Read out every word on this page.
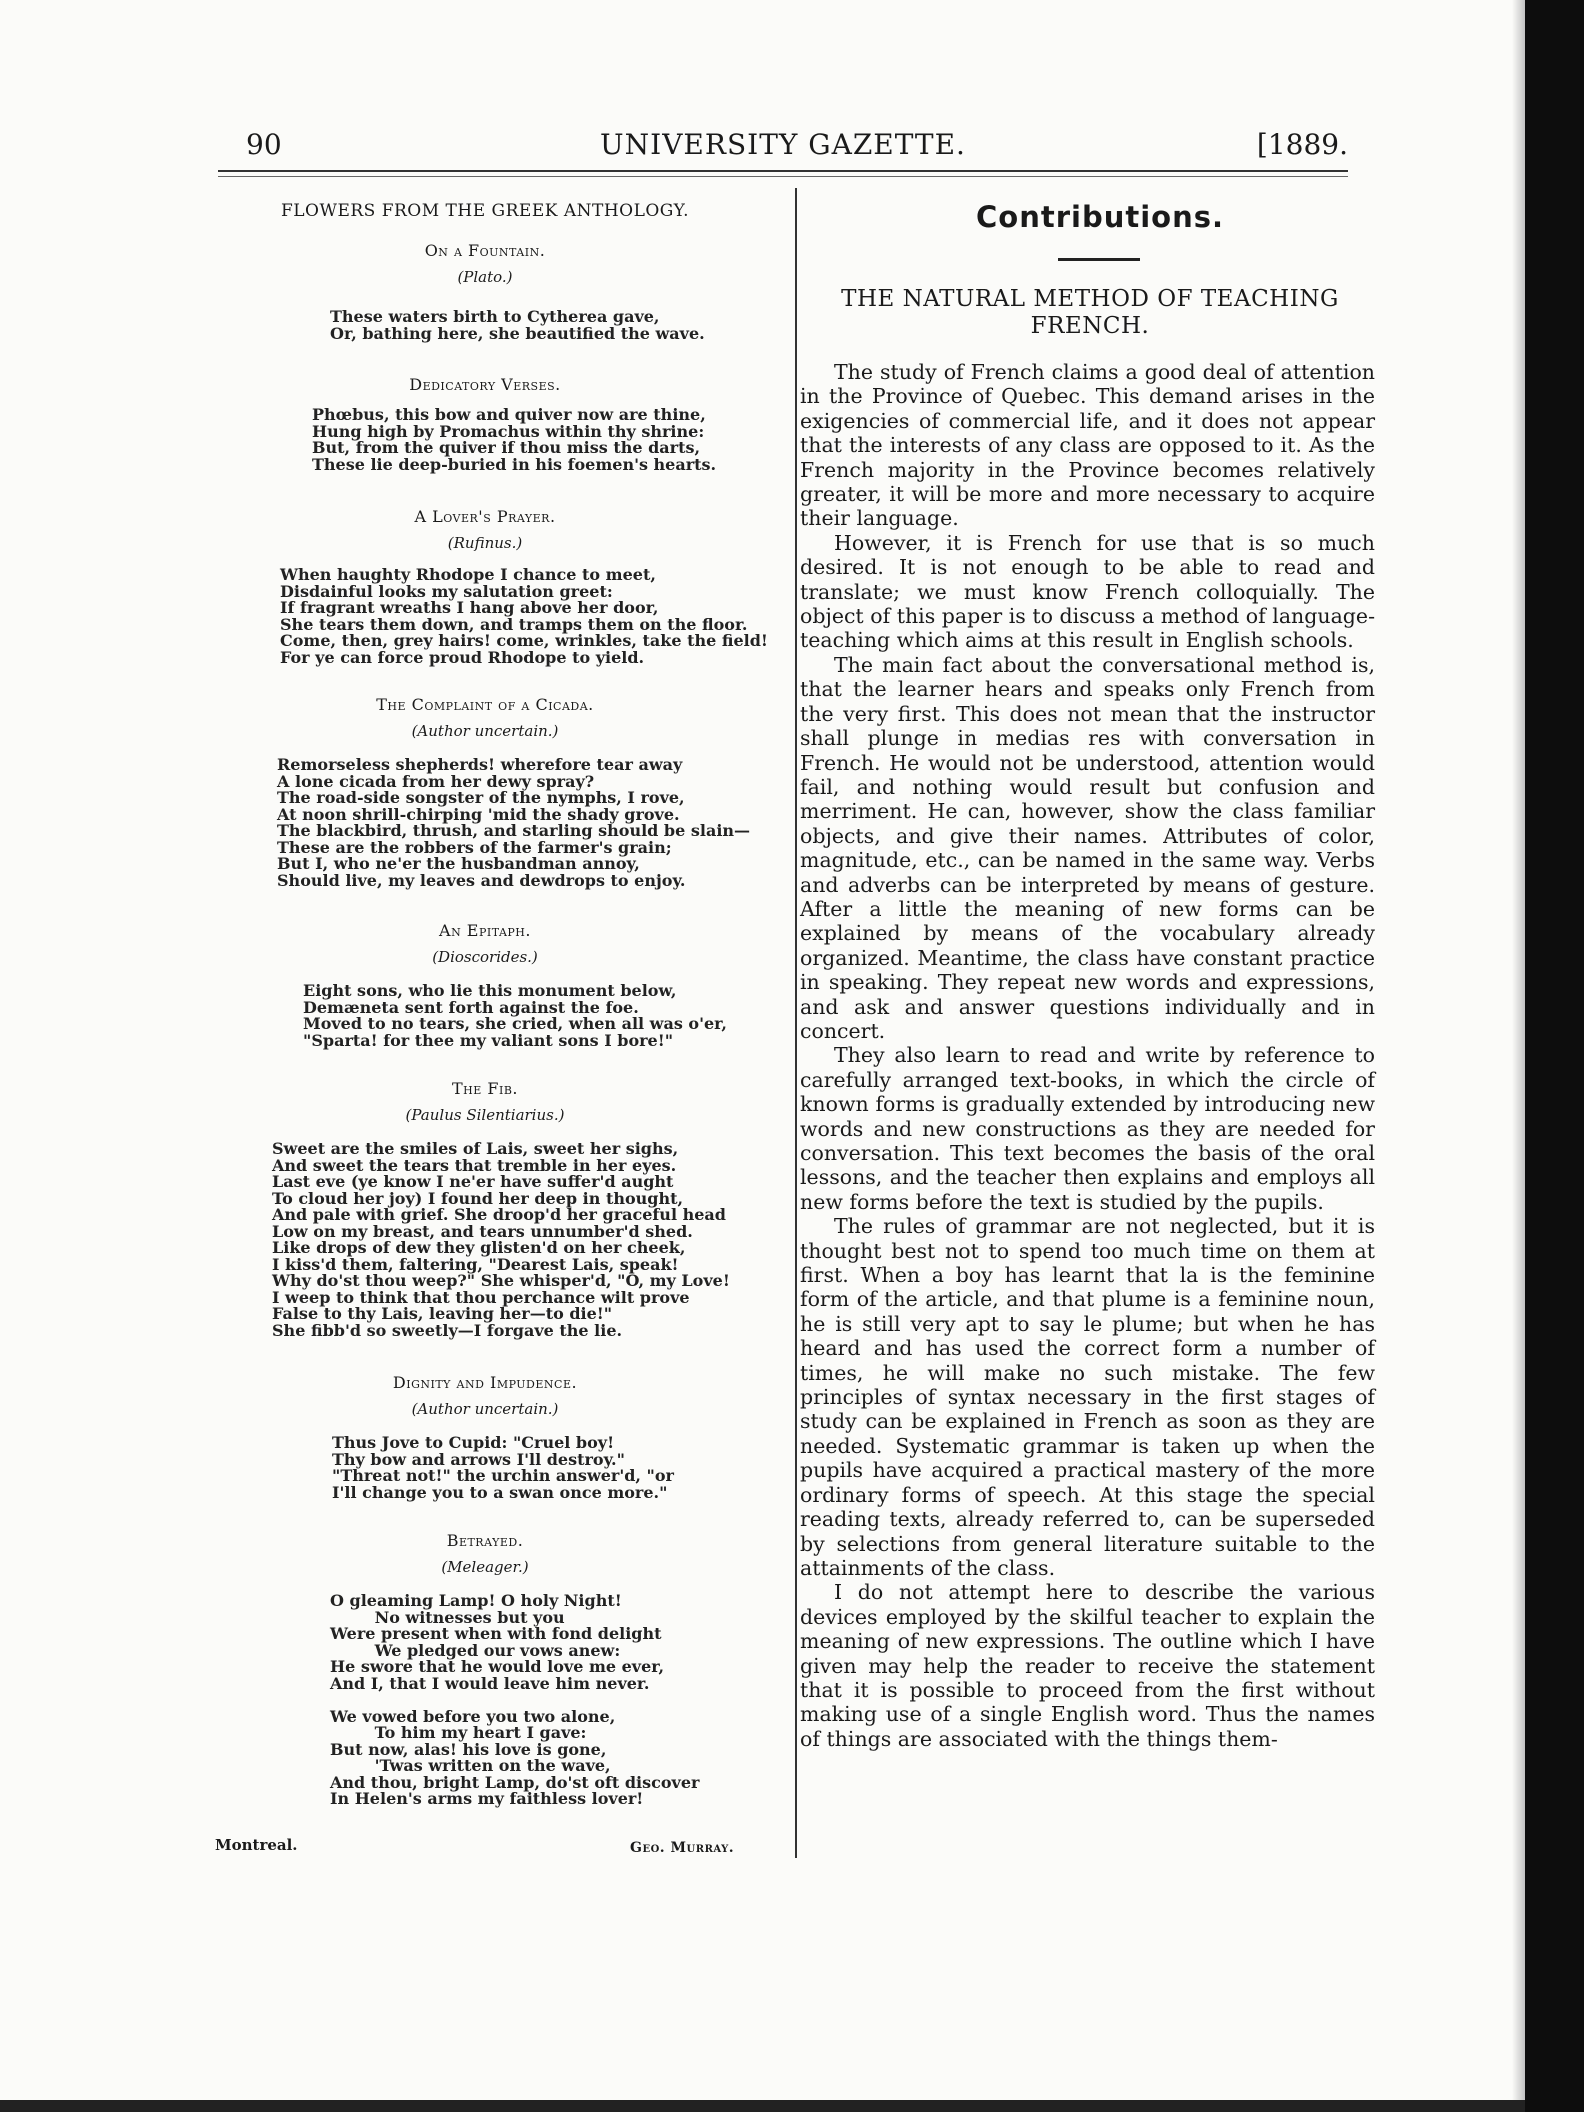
90	UNIVERSITY GAZETTE.	[1889.
FLOWERS FROM THE GREEK ANTHOLOGY.
On a Fountain.
(Plato.)
These waters birth to Cytherea gave,
Or, bathing here, she beautified the wave.
Dedicatory Verses.
Phœbus, this bow and quiver now are thine,
Hung high by Promachus within thy shrine:
But, from the quiver if thou miss the darts,
These lie deep-buried in his foemen's hearts.
A Lover's Prayer.
(Rufinus.)
When haughty Rhodope I chance to meet,
Disdainful looks my salutation greet:
If fragrant wreaths I hang above her door,
She tears them down, and tramps them on the floor.
Come, then, grey hairs! come, wrinkles, take the field!
For ye can force proud Rhodope to yield.
The Complaint of a Cicada.
(Author uncertain.)
Remorseless shepherds! wherefore tear away
A lone cicada from her dewy spray?
The road-side songster of the nymphs, I rove,
At noon shrill-chirping 'mid the shady grove.
The blackbird, thrush, and starling should be slain—
These are the robbers of the farmer's grain;
But I, who ne'er the husbandman annoy,
Should live, my leaves and dewdrops to enjoy.
An Epitaph.
(Dioscorides.)
Eight sons, who lie this monument below,
Demæneta sent forth against the foe.
Moved to no tears, she cried, when all was o'er,
"Sparta! for thee my valiant sons I bore!"
The Fib.
(Paulus Silentiarius.)
Sweet are the smiles of Lais, sweet her sighs,
And sweet the tears that tremble in her eyes.
Last eve (ye know I ne'er have suffer'd aught
To cloud her joy) I found her deep in thought,
And pale with grief. She droop'd her graceful head
Low on my breast, and tears unnumber'd shed.
Like drops of dew they glisten'd on her cheek,
I kiss'd them, faltering, "Dearest Lais, speak!
Why do'st thou weep?" She whisper'd, "O, my Love!
I weep to think that thou perchance wilt prove
False to thy Lais, leaving her—to die!"
She fibb'd so sweetly—I forgave the lie.
Dignity and Impudence.
(Author uncertain.)
Thus Jove to Cupid: "Cruel boy!
Thy bow and arrows I'll destroy."
"Threat not!" the urchin answer'd, "or
I'll change you to a swan once more."
Betrayed.
(Meleager.)
O gleaming Lamp! O holy Night!
No witnesses but you
Were present when with fond delight
We pledged our vows anew:
He swore that he would love me ever,
And I, that I would leave him never.

We vowed before you two alone,
To him my heart I gave:
But now, alas! his love is gone,
'Twas written on the wave,
And thou, bright Lamp, do'st oft discover
In Helen's arms my faithless lover!
Montreal.	Geo. Murray.
Contributions.
THE NATURAL METHOD OF TEACHING
FRENCH.

The study of French claims a good deal of attention in the Province of Quebec. This demand arises in the exigencies of commercial life, and it does not appear that the interests of any class are opposed to it. As the French majority in the Province becomes relatively greater, it will be more and more necessary to acquire their language.

However, it is French for use that is so much desired. It is not enough to be able to read and translate; we must know French colloquially. The object of this paper is to discuss a method of language-teaching which aims at this result in English schools.

The main fact about the conversational method is, that the learner hears and speaks only French from the very first. This does not mean that the instructor shall plunge in medias res with conversation in French. He would not be understood, attention would fail, and nothing would result but confusion and merriment. He can, however, show the class familiar objects, and give their names. Attributes of color, magnitude, etc., can be named in the same way. Verbs and adverbs can be interpreted by means of gesture. After a little the meaning of new forms can be explained by means of the vocabulary already organized. Meantime, the class have constant practice in speaking. They repeat new words and expressions, and ask and answer questions individually and in concert.

They also learn to read and write by reference to carefully arranged text-books, in which the circle of known forms is gradually extended by introducing new words and new constructions as they are needed for conversation. This text becomes the basis of the oral lessons, and the teacher then explains and employs all new forms before the text is studied by the pupils.

The rules of grammar are not neglected, but it is thought best not to spend too much time on them at first. When a boy has learnt that la is the feminine form of the article, and that plume is a feminine noun, he is still very apt to say le plume; but when he has heard and has used the correct form a number of times, he will make no such mistake. The few principles of syntax necessary in the first stages of study can be explained in French as soon as they are needed. Systematic grammar is taken up when the pupils have acquired a practical mastery of the more ordinary forms of speech. At this stage the special reading texts, already referred to, can be superseded by selections from general literature suitable to the attainments of the class.

I do not attempt here to describe the various devices employed by the skilful teacher to explain the meaning of new expressions. The outline which I have given may help the reader to receive the statement that it is possible to proceed from the first without making use of a single English word. Thus the names of things are associated with the things them-
